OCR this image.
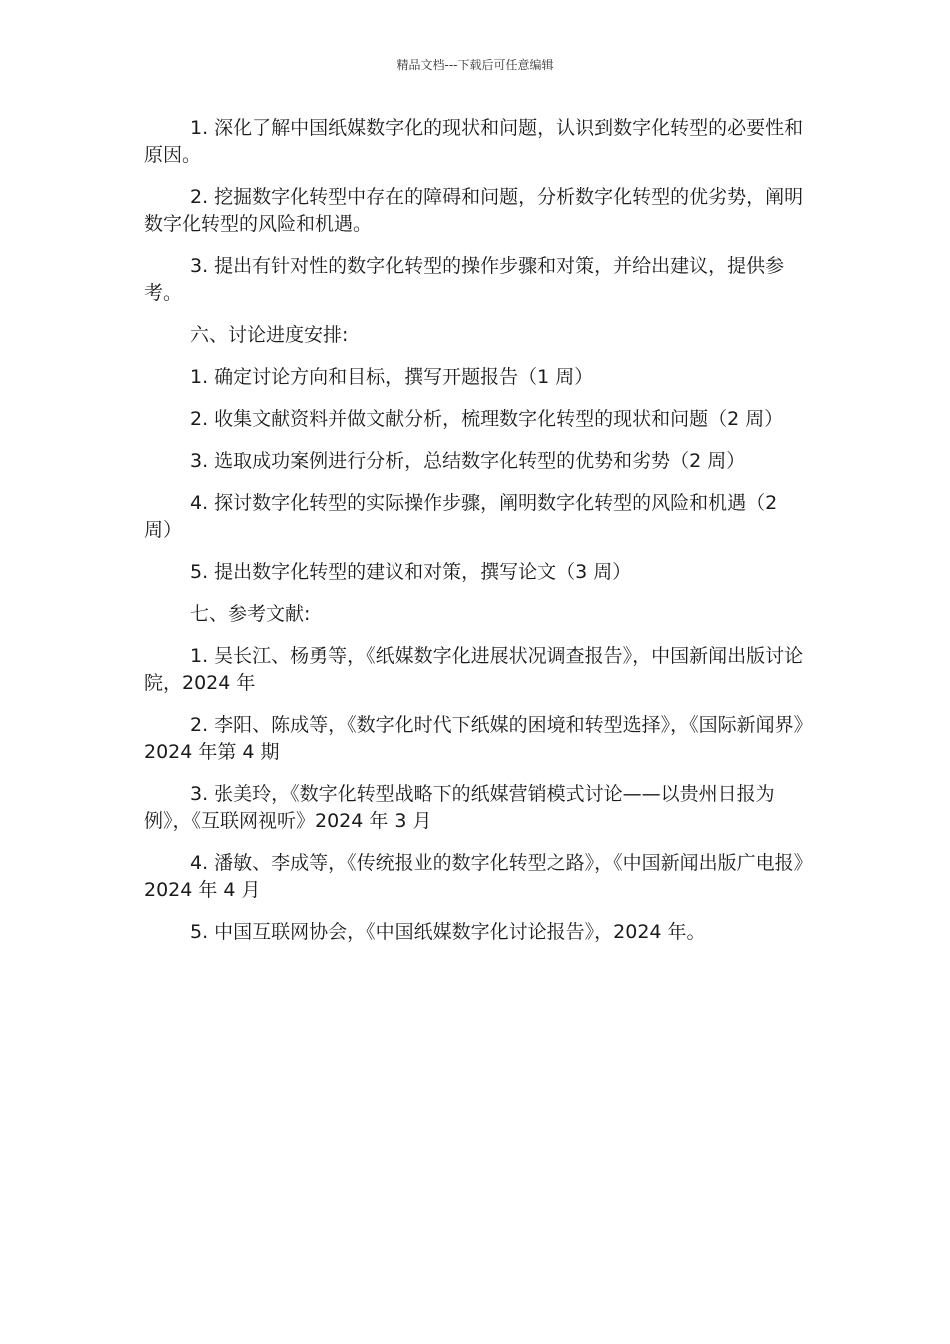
精品文档---下载后可任意编辑

1. 深化了解中国纸媒数字化的现状和问题，认识到数字化转型的必要性和原因。

2. 挖掘数字化转型中存在的障碍和问题，分析数字化转型的优劣势，阐明数字化转型的风险和机遇。

3. 提出有针对性的数字化转型的操作步骤和对策，并给出建议，提供参考。

六、讨论进度安排:

1. 确定讨论方向和目标，撰写开题报告（1 周）

2. 收集文献资料并做文献分析，梳理数字化转型的现状和问题（2 周）

3. 选取成功案例进行分析，总结数字化转型的优势和劣势（2 周）

4. 探讨数字化转型的实际操作步骤，阐明数字化转型的风险和机遇（2 周）

5. 提出数字化转型的建议和对策，撰写论文（3 周）

七、参考文献:

1. 吴长江、杨勇等，《纸媒数字化进展状况调查报告》，中国新闻出版讨论院，2024 年

2. 李阳、陈成等，《数字化时代下纸媒的困境和转型选择》，《国际新闻界》2024 年第 4 期

3. 张美玲，《数字化转型战略下的纸媒营销模式讨论——以贵州日报为例》，《互联网视听》2024 年 3 月

4. 潘敏、李成等，《传统报业的数字化转型之路》，《中国新闻出版广电报》2024 年 4 月

5. 中国互联网协会，《中国纸媒数字化讨论报告》，2024 年。
